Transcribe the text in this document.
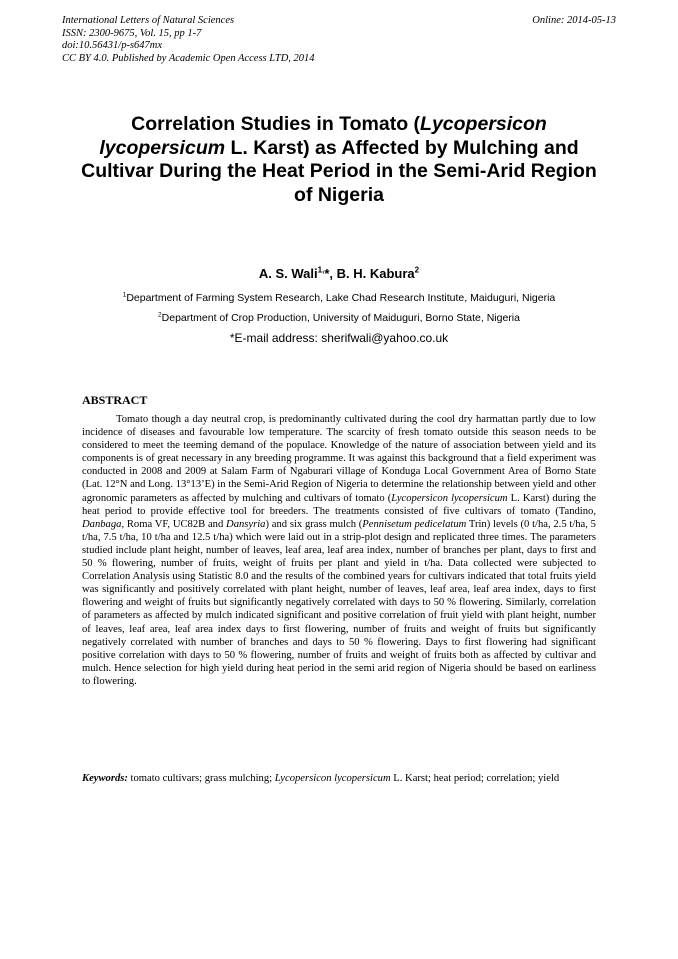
International Letters of Natural Sciences
ISSN: 2300-9675, Vol. 15, pp 1-7
doi:10.56431/p-s647mx
CC BY 4.0. Published by Academic Open Access LTD, 2014
Online: 2014-05-13
Correlation Studies in Tomato (Lycopersicon lycopersicum L. Karst) as Affected by Mulching and Cultivar During the Heat Period in the Semi-Arid Region of Nigeria
A. S. Wali$^{1,}$*, B. H. Kabura$^2$
$^1$Department of Farming System Research, Lake Chad Research Institute, Maiduguri, Nigeria
$^2$Department of Crop Production, University of Maiduguri, Borno State, Nigeria
*E-mail address: sherifwali@yahoo.co.uk
ABSTRACT

Tomato though a day neutral crop, is predominantly cultivated during the cool dry harmattan partly due to low incidence of diseases and favourable low temperature. The scarcity of fresh tomato outside this season needs to be considered to meet the teeming demand of the populace. Knowledge of the nature of association between yield and its components is of great necessary in any breeding programme. It was against this background that a field experiment was conducted in 2008 and 2009 at Salam Farm of Ngaburari village of Konduga Local Government Area of Borno State (Lat. 12°N and Long. 13°13’E) in the Semi-Arid Region of Nigeria to determine the relationship between yield and other agronomic parameters as affected by mulching and cultivars of tomato (Lycopersicon lycopersicum L. Karst) during the heat period to provide effective tool for breeders. The treatments consisted of five cultivars of tomato (Tandino, Danbaga, Roma VF, UC82B and Dansyria) and six grass mulch (Pennisetum pedicelatum Trin) levels (0 t/ha, 2.5 t/ha, 5 t/ha, 7.5 t/ha, 10 t/ha and 12.5 t/ha) which were laid out in a strip-plot design and replicated three times. The parameters studied include plant height, number of leaves, leaf area, leaf area index, number of branches per plant, days to first and 50 % flowering, number of fruits, weight of fruits per plant and yield in t/ha. Data collected were subjected to Correlation Analysis using Statistic 8.0 and the results of the combined years for cultivars indicated that total fruits yield was significantly and positively correlated with plant height, number of leaves, leaf area, leaf area index, days to first flowering and weight of fruits but significantly negatively correlated with days to 50 % flowering. Similarly, correlation of parameters as affected by mulch indicated significant and positive correlation of fruit yield with plant height, number of leaves, leaf area, leaf area index days to first flowering, number of fruits and weight of fruits but significantly negatively correlated with number of branches and days to 50 % flowering. Days to first flowering had significant positive correlation with days to 50 % flowering, number of fruits and weight of fruits both as affected by cultivar and mulch. Hence selection for high yield during heat period in the semi arid region of Nigeria should be based on earliness to flowering.

Keywords: tomato cultivars; grass mulching; Lycopersicon lycopersicum L. Karst; heat period; correlation; yield
